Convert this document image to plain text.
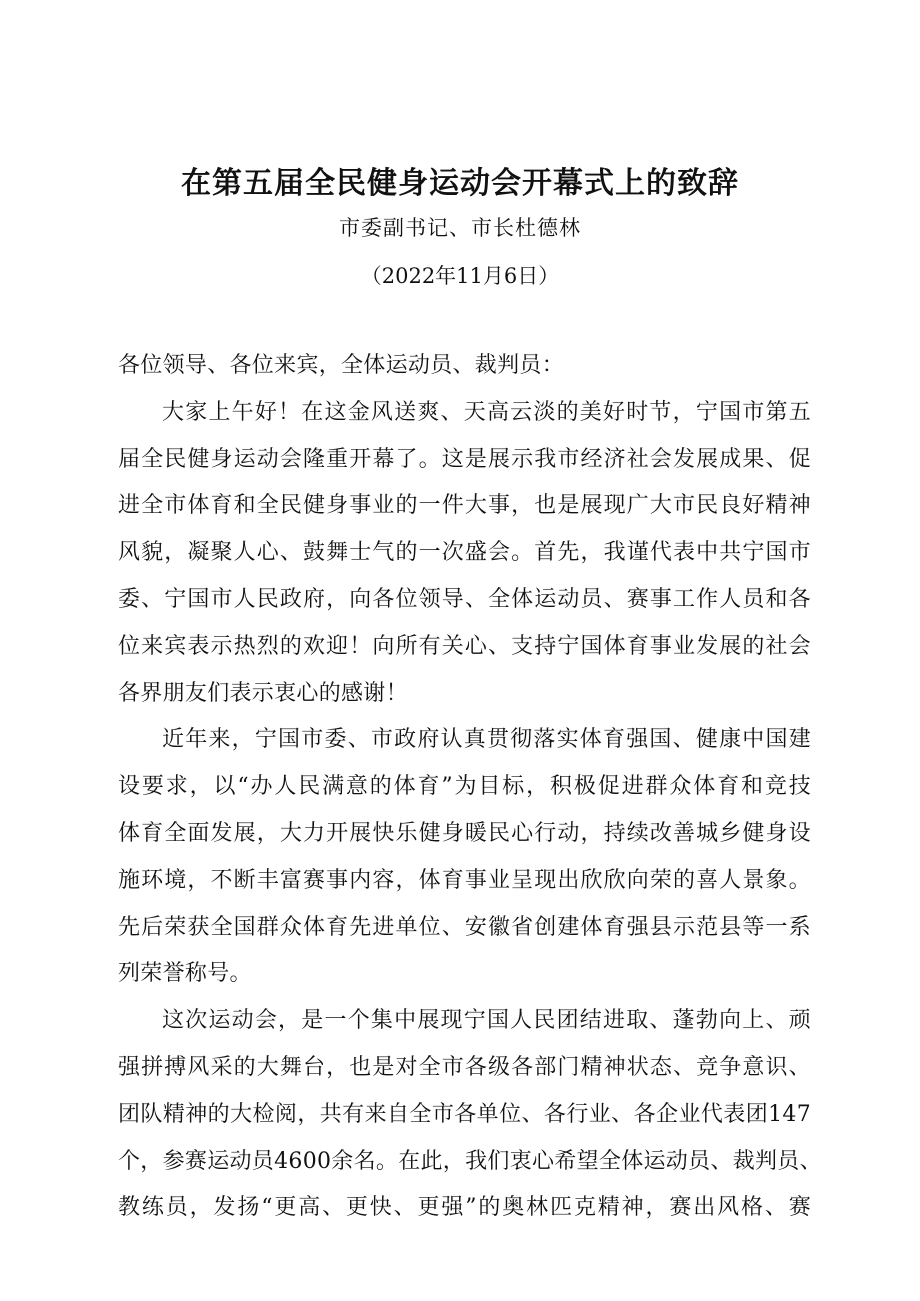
在第五届全民健身运动会开幕式上的致辞
市委副书记、市长杜德林
（2022年11月6日）
各位领导、各位来宾，全体运动员、裁判员：
大家上午好！在这金风送爽、天高云淡的美好时节，宁国市第五
届全民健身运动会隆重开幕了。这是展示我市经济社会发展成果、促
进全市体育和全民健身事业的一件大事，也是展现广大市民良好精神
风貌，凝聚人心、鼓舞士气的一次盛会。首先，我谨代表中共宁国市
委、宁国市人民政府，向各位领导、全体运动员、赛事工作人员和各
位来宾表示热烈的欢迎！向所有关心、支持宁国体育事业发展的社会
各界朋友们表示衷心的感谢！
近年来，宁国市委、市政府认真贯彻落实体育强国、健康中国建
设要求，以“办人民满意的体育”为目标，积极促进群众体育和竞技
体育全面发展，大力开展快乐健身暖民心行动，持续改善城乡健身设
施环境，不断丰富赛事内容，体育事业呈现出欣欣向荣的喜人景象。
先后荣获全国群众体育先进单位、安徽省创建体育强县示范县等一系
列荣誉称号。
这次运动会，是一个集中展现宁国人民团结进取、蓬勃向上、顽
强拼搏风采的大舞台，也是对全市各级各部门精神状态、竞争意识、
团队精神的大检阅，共有来自全市各单位、各行业、各企业代表团147
个，参赛运动员4600余名。在此，我们衷心希望全体运动员、裁判员、
教练员，发扬“更高、更快、更强”的奥林匹克精神，赛出风格、赛
